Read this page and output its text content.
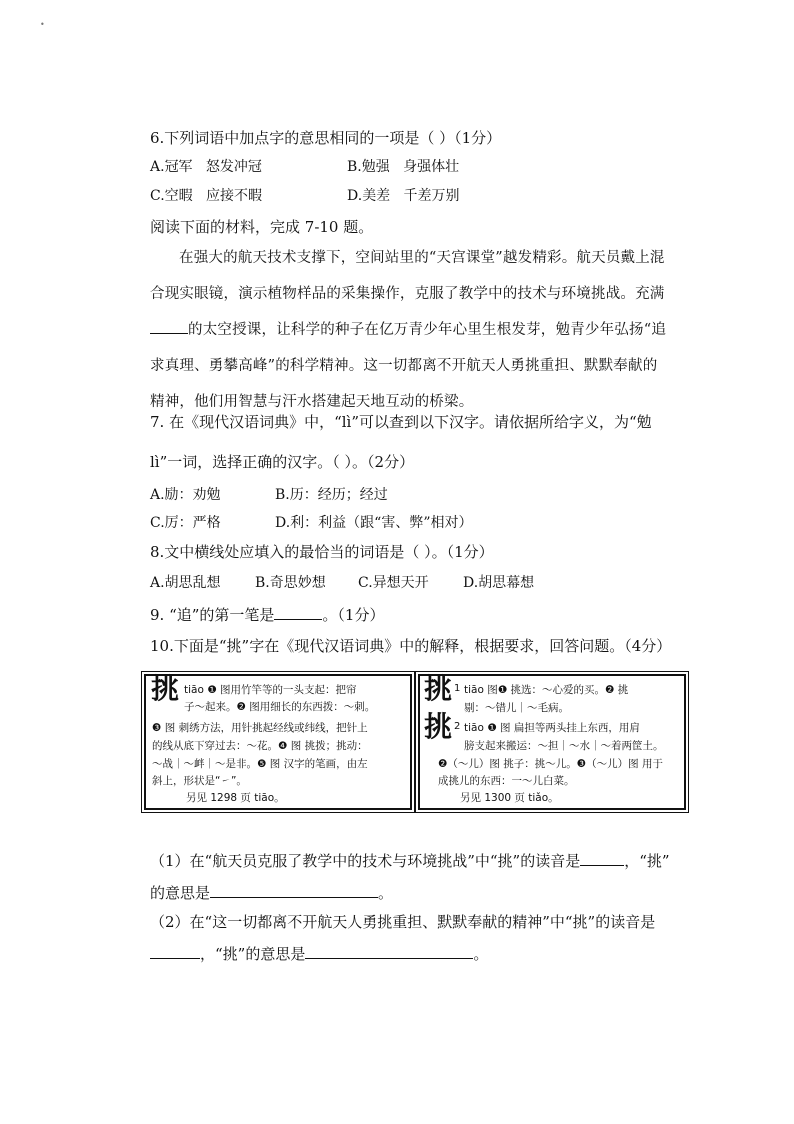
•
6.下列词语中加点字的意思相同的一项是（ ）（1分）
A.冠军 怒发冲冠	B.勉强 身强体壮
C.空暇 应接不暇	D.美差 千差万别
阅读下面的材料，完成 7-10 题。
在强大的航天技术支撑下，空间站里的“天宫课堂”越发精彩。航天员戴上混合现实眼镜，演示植物样品的采集操作，克服了教学中的技术与环境挑战。充满的太空授课，让科学的种子在亿万青少年心里生根发芽，勉青少年弘扬“追求真理、勇攀高峰”的科学精神。这一切都离不开航天人勇挑重担、默默奉献的精神，他们用智慧与汗水搭建起天地互动的桥梁。
7. 在《现代汉语词典》中，“lì”可以查到以下汉字。请依据所给字义，为“勉
lì”一词，选择正确的汉字。（ ）。（2分）
A.励：劝勉	B.历：经历；经过
C.厉：严格	D.利：利益（跟“害、弊”相对）
8.文中横线处应填入的最恰当的词语是（ ）。（1分）
A.胡思乱想 B.奇思妙想 C.异想天开 D.胡思幕想
9. “追”的第一笔是	。（1分）
10.下面是“挑”字在《现代汉语词典》中的解释，根据要求，回答问题。（4分）
挑 tiāo ❶ 图用竹竿等的一头支起：把帘
子～起来。❷ 图用细长的东西拨：～刺。
❸ 图 刺绣方法，用针挑起经线或纬线，把针上
的线从底下穿过去：～花。❹ 图 挑拨；挑动：
～战｜～衅｜～是非。❺ 图 汉字的笔画，由左
斜上，形状是“㇀”。
另见 1298 页 tiāo。
挑 1 tiāo 图❶ 挑选：～心爱的买。❷ 挑
剔：～错儿｜～毛病。
挑 2 tiāo ❶ 图 扁担等两头挂上东西，用肩
膀支起来搬运：～担｜～水｜～着两筐土。
❷（～儿）图 挑子：挑～儿。❸（～儿）图 用于
成挑儿的东西：一～儿白菜。
另见 1300 页 tiǎo。
（1）在“航天员克服了教学中的技术与环境挑战”中“挑”的读音是	，“挑”
的意思是	。
（2）在“这一切都离不开航天人勇挑重担、默默奉献的精神”中“挑”的读音是
，“挑”的意思是	。
